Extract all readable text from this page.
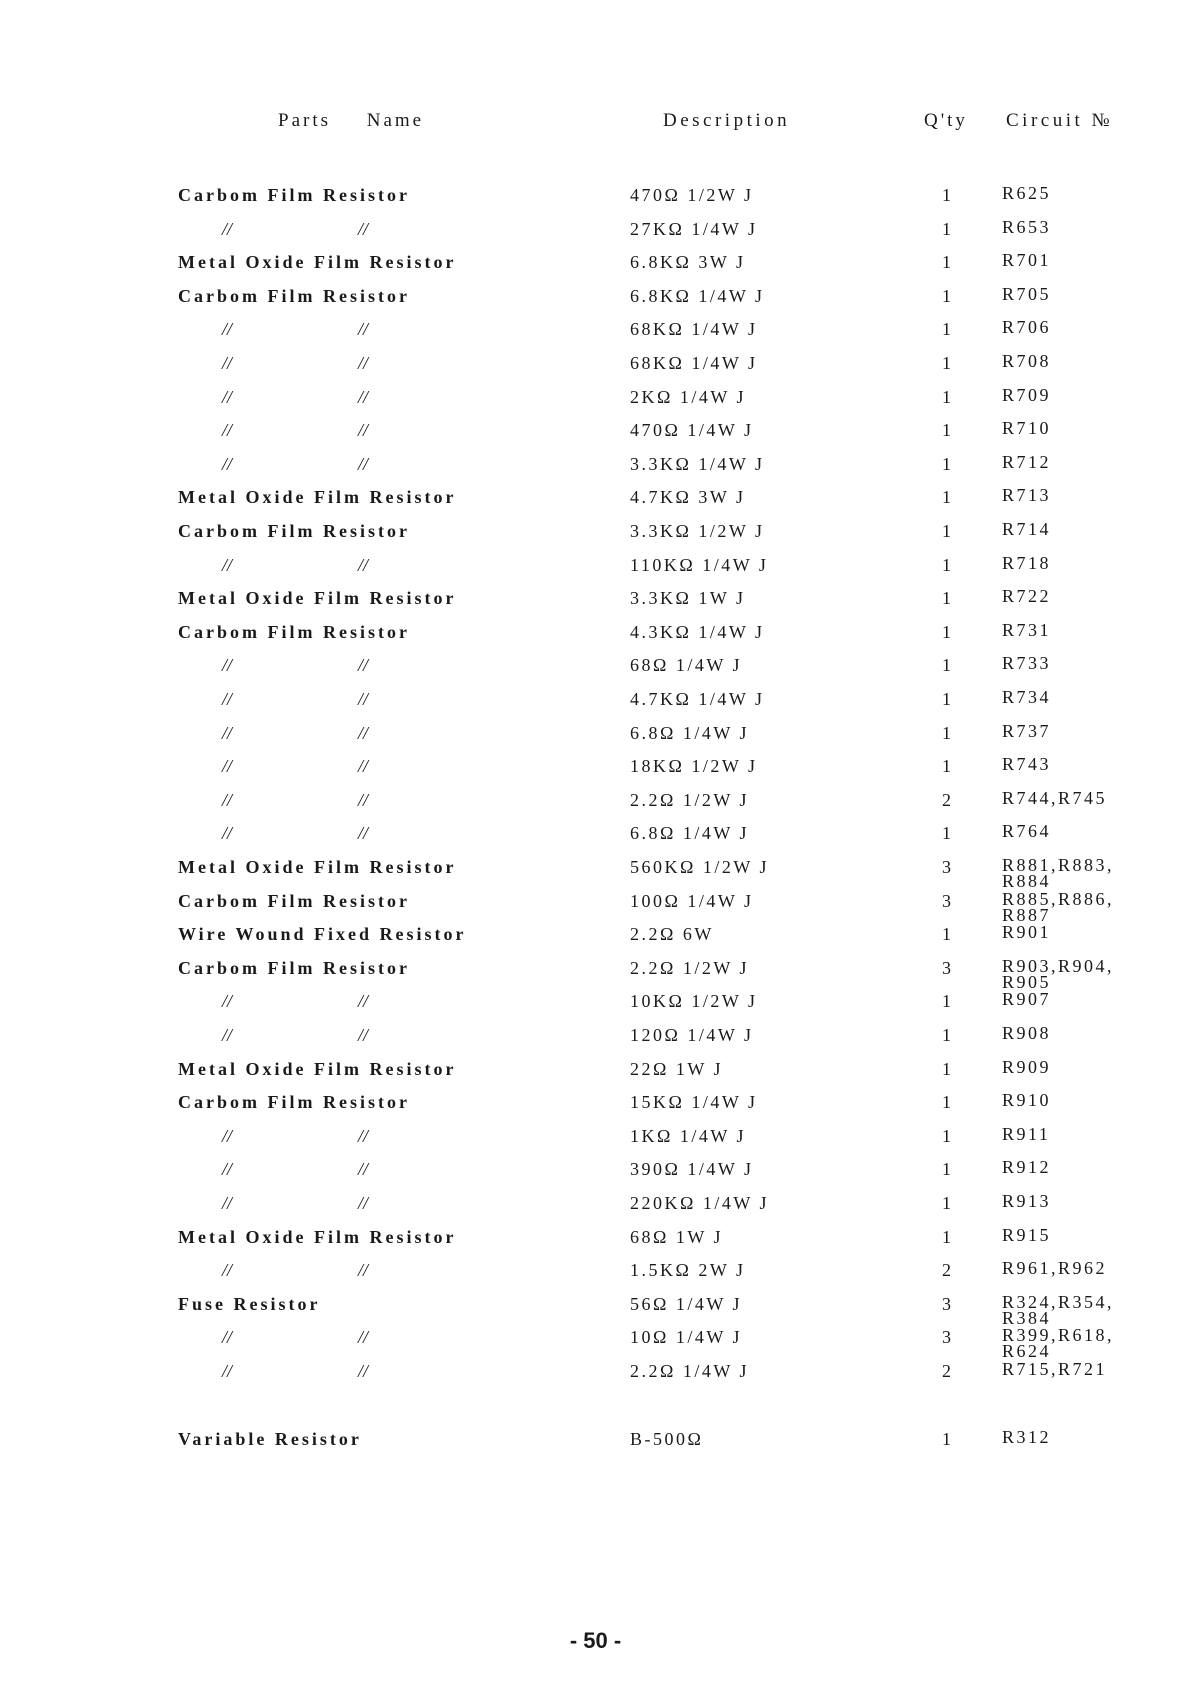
Parts Name	Description	Q'ty Circuit №
Carbom Film Resistor	470Ω 1/2W J	1	R625
//	//	27KΩ 1/4W J	1	R653
Metal Oxide Film Resistor	6.8KΩ 3W J	1	R701
Carbom Film Resistor	6.8KΩ 1/4W J	1	R705
//	//	68KΩ 1/4W J	1	R706
//	//	68KΩ 1/4W J	1	R708
//	//	2KΩ 1/4W J	1	R709
//	//	470Ω 1/4W J	1	R710
//	//	3.3KΩ 1/4W J	1	R712
Metal Oxide Film Resistor	4.7KΩ 3W J	1	R713
Carbom Film Resistor	3.3KΩ 1/2W J	1	R714
//	//	110KΩ 1/4W J	1	R718
Metal Oxide Film Resistor	3.3KΩ 1W J	1	R722
Carbom Film Resistor	4.3KΩ 1/4W J	1	R731
//	//	68Ω 1/4W J	1	R733
//	//	4.7KΩ 1/4W J	1	R734
//	//	6.8Ω 1/4W J	1	R737
//	//	18KΩ 1/2W J	1	R743
//	//	2.2Ω 1/2W J	2	R744,R745
//	//	6.8Ω 1/4W J	1	R764
Metal Oxide Film Resistor	560KΩ 1/2W J	3	R881,R883,
R884
Carbom Film Resistor	100Ω 1/4W J	3	R885,R886,
R887
Wire Wound Fixed Resistor	2.2Ω 6W	1	R901
Carbom Film Resistor	2.2Ω 1/2W J	3	R903,R904,
R905
//	//	10KΩ 1/2W J	1	R907
//	//	120Ω 1/4W J	1	R908
Metal Oxide Film Resistor	22Ω 1W J	1	R909
Carbom Film Resistor	15KΩ 1/4W J	1	R910
//	//	1KΩ 1/4W J	1	R911
//	//	390Ω 1/4W J	1	R912
//	//	220KΩ 1/4W J	1	R913
Metal Oxide Film Resistor	68Ω 1W J	1	R915
//	//	1.5KΩ 2W J	2	R961,R962
Fuse Resistor	56Ω 1/4W J	3	R324,R354,
R384
//	//	10Ω 1/4W J	3	R399,R618,
R624
//	//	2.2Ω 1/4W J	2	R715,R721
Variable Resistor	B-500Ω	1	R312
- 50 -
